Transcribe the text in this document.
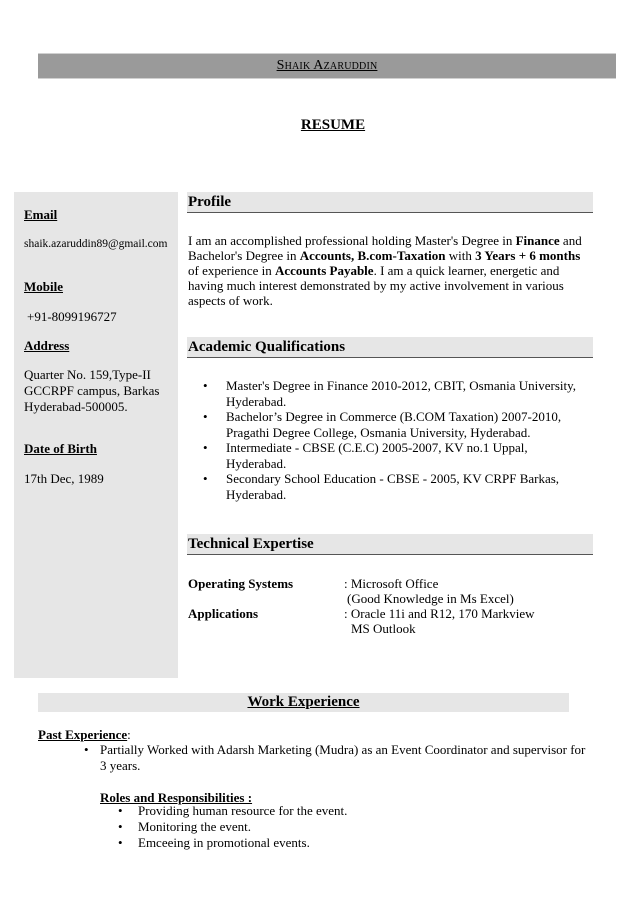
Shaik Azaruddin
RESUME
Email
shaik.azaruddin89@gmail.com
Mobile
+91-8099196727
Address
Quarter No. 159,Type-II
GCCRPF campus, Barkas
Hyderabad-500005.
Date of Birth
17th Dec, 1989
Profile
I am an accomplished professional holding Master's Degree in Finance and
Bachelor's Degree in Accounts, B.com-Taxation with 3 Years + 6 months
of experience in Accounts Payable. I am a quick learner, energetic and
having much interest demonstrated by my active involvement in various
aspects of work.
Academic Qualifications
• Master's Degree in Finance 2010-2012, CBIT, Osmania University,
Hyderabad.
• Bachelor’s Degree in Commerce (B.COM Taxation) 2007-2010,
Pragathi Degree College, Osmania University, Hyderabad.
• Intermediate - CBSE (C.E.C) 2005-2007, KV no.1 Uppal,
Hyderabad.
• Secondary School Education - CBSE - 2005, KV CRPF Barkas,
Hyderabad.
Technical Expertise
Operating Systems	: Microsoft Office
(Good Knowledge in Ms Excel)
Applications	: Oracle 11i and R12, 170 Markview
MS Outlook
Work Experience
Past Experience:
• Partially Worked with Adarsh Marketing (Mudra) as an Event Coordinator and supervisor for
3 years.
Roles and Responsibilities :
• Providing human resource for the event.
• Monitoring the event.
• Emceeing in promotional events.
